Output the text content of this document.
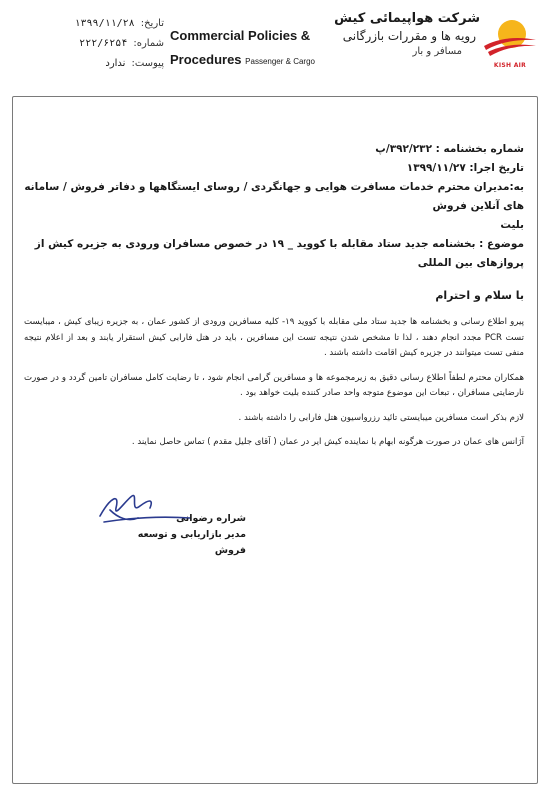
شرکت هواپیمائی کیش
رویه ها و مقررات بازرگانی
مسافر و بار
KISH AIR
Commercial Policies &
Procedures Passenger & Cargo
تاریخ:
۱۳۹۹/۱۱/۲۸
شماره:
۲۲۲/۶۲۵۴
پیوست:
ندارد

شماره بخشنامه : ۳۹۲/۲۳۲/پ

تاریخ اجرا: ۱۳۹۹/۱۱/۲۷

به:مدیران محترم خدمات مسافرت هوایی و جهانگردی / روسای ایستگاهها و دفاتر فروش / سامانه های آنلاین فروش

بلیت

موضوع : بخشنامه جدید ستاد مقابله با کووید _ ۱۹ در خصوص مسافران ورودی به جزیره کیش از پروازهای بین المللی

با سلام و احترام

پیرو اطلاع رسانی و بخشنامه ها جدید ستاد ملی مقابله با کووید ۱۹- کلیه مسافرین ورودی از کشور عمان ، به جزیره زیبای کیش ، میبایست تست PCR مجدد انجام دهند ، لذا تا مشخص شدن نتیجه تست این مسافرین ، باید در هتل فارابی کیش استقرار یابند و بعد از اعلام نتیجه منفی تست میتوانند در جزیره کیش اقامت داشته باشند .

همکاران محترم لطفاً اطلاع رسانی دقیق به زیرمجموعه ها و مسافرین گرامی انجام شود ، تا رضایت کامل مسافران تامین گردد و در صورت نارضایتی مسافران ، تبعات این موضوع متوجه واحد صادر کننده بلیت خواهد بود .

لازم بذکر است مسافرین میبایستی تائید رزرواسیون هتل فارابی را داشته باشند .

آژانس های عمان در صورت هرگونه ابهام با نماینده کیش ایر در عمان ( آقای جلیل مقدم ) تماس حاصل نمایند .

شراره رضوانی
مدیر بازاریابی و توسعه فروش
